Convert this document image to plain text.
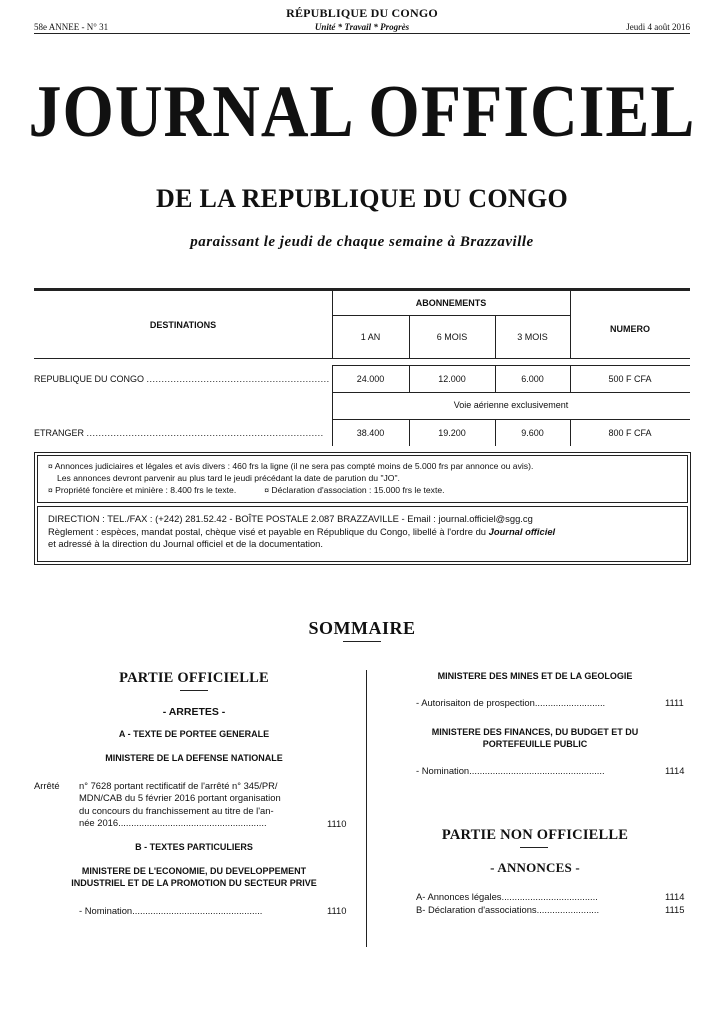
58e ANNEE - N° 31
RÉPUBLIQUE DU CONGO
Unité * Travail * Progrès	Jeudi 4 août 2016
JOURNAL OFFICIEL
DE LA REPUBLIQUE DU CONGO
paraissant le jeudi de chaque semaine à Brazzaville
DESTINATIONS
ABONNEMENTS
1 AN	6 MOIS	3 MOIS
NUMERO
REPUBLIQUE DU CONGO .............................................................	24.000	12.000	6.000	500 F CFA
Voie aérienne exclusivement
ETRANGER ...............................................................................	38.400	19.200	9.600	800 F CFA
¤ Annonces judiciaires et légales et avis divers : 460 frs la ligne (il ne sera pas compté moins de 5.000 frs par annonce ou avis).
Les annonces devront parvenir au plus tard le jeudi précédant la date de parution du "JO".
¤ Propriété foncière et minière : 8.400 frs le texte.	¤ Déclaration d'association : 15.000 frs le texte.
DIRECTION : TEL./FAX : (+242) 281.52.42 - BOÎTE POSTALE 2.087 BRAZZAVILLE - Email : journal.officiel@sgg.cg
Règlement : espèces, mandat postal, chèque visé et payable en République du Congo, libellé à l'ordre du Journal officiel
et adressé à la direction du Journal officiel et de la documentation.
SOMMAIRE
PARTIE OFFICIELLE
- ARRETES -
A - TEXTE DE PORTEE GENERALE
MINISTERE DE LA DEFENSE NATIONALE
Arrêté n° 7628 portant rectificatif de l'arrêté n° 345/PR/
MDN/CAB du 5 février 2016 portant organisation
du concours du franchissement au titre de l'an-
née 2016.........................................................	1110
B - TEXTES PARTICULIERS
MINISTERE DE L'ECONOMIE, DU DEVELOPPEMENT
INDUSTRIEL ET DE LA PROMOTION DU SECTEUR PRIVE
- Nomination..................................................	1110
MINISTERE DES MINES ET DE LA GEOLOGIE
- Autorisaiton de prospection...........................	1111
MINISTERE DES FINANCES, DU BUDGET ET DU
PORTEFEUILLE PUBLIC
- Nomination....................................................	1114
PARTIE NON OFFICIELLE
- ANNONCES -
A- Annonces légales.....................................	1114
B- Déclaration d'associations........................	1115
